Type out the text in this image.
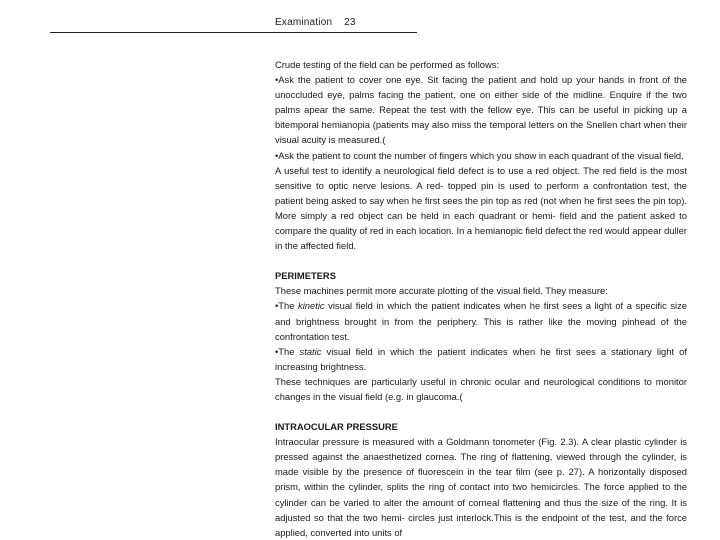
Examination 23

Crude testing of the field can be performed as follows:

•Ask the patient to cover one eye. Sit facing the patient and hold up your hands in front of the unoccluded eye, palms facing the patient, one on either side of the midline. Enquire if the two palms apear the same. Repeat the test with the fellow eye. This can be useful in picking up a bitemporal hemianopia (patients may also miss the temporal letters on the Snellen chart when their visual acuity is measured.(

•Ask the patient to count the number of fingers which you show in each quadrant of the visual field.

A useful test to identify a neurological field defect is to use a red object. The red field is the most sensitive to optic nerve lesions. A red- topped pin is used to perform a confrontation test, the patient being asked to say when he first sees the pin top as red (not when he first sees the pin top). More simply a red object can be held in each quadrant or hemi- field and the patient asked to compare the quality of red in each location. In a hemianopic field defect the red would appear duller in the affected field.

PERIMETERS

These machines permit more accurate plotting of the visual field. They measure:

•The kinetic visual field in which the patient indicates when he first sees a light of a specific size and brightness brought in from the periphery. This is rather like the moving pinhead of the confrontation test.

•The static visual field in which the patient indicates when he first sees a stationary light of increasing brightness.

These techniques are particularly useful in chronic ocular and neurological conditions to monitor changes in the visual field (e.g. in glaucoma.(

INTRAOCULAR PRESSURE

Intraocular pressure is measured with a Goldmann tonometer (Fig. 2.3). A clear plastic cylinder is pressed against the anaesthetized cornea. The ring of flattening, viewed through the cylinder, is made visible by the presence of fluorescein in the tear film (see p. 27). A horizontally disposed prism, within the cylinder, splits the ring of contact into two hemicircles. The force applied to the cylinder can be varied to alter the amount of corneal flattening and thus the size of the ring. It is adjusted so that the two hemi- circles just interlock.This is the endpoint of the test, and the force applied, converted into units of
